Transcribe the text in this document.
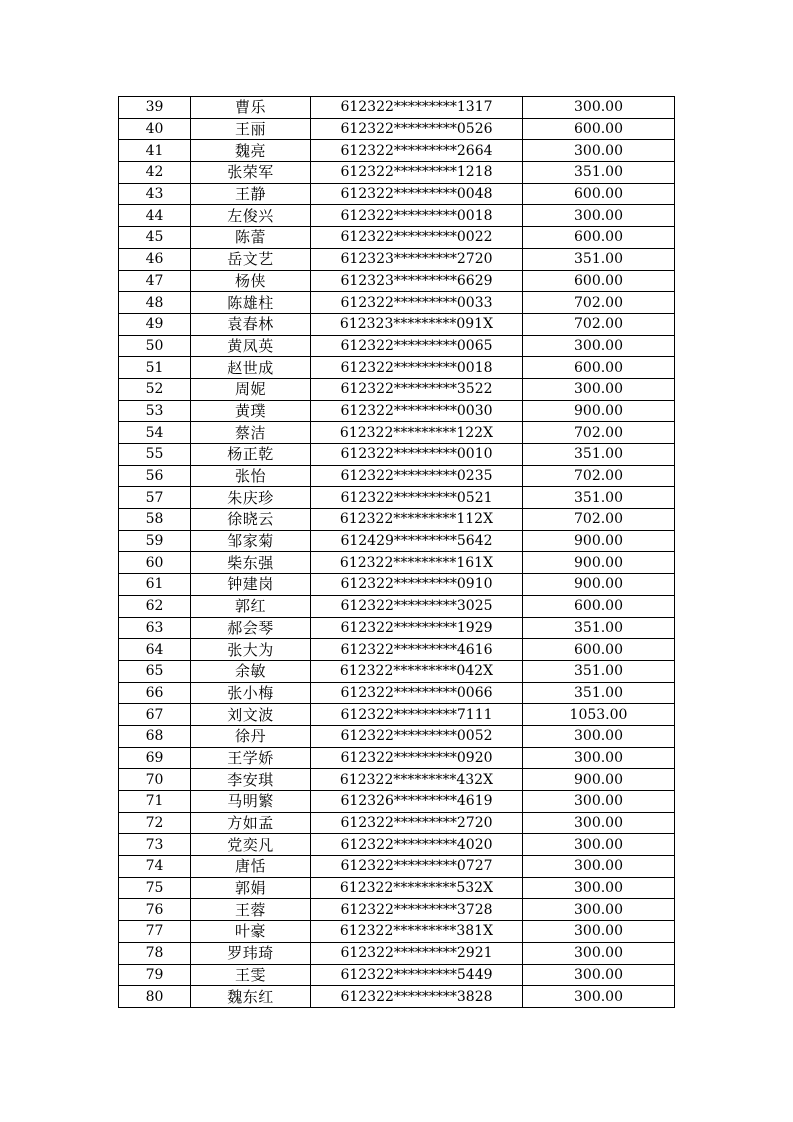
39	曹乐	612322*********1317	300.00
40	王丽	612322*********0526	600.00
41	魏亮	612322*********2664	300.00
42	张荣军	612322*********1218	351.00
43	王静	612322*********0048	600.00
44	左俊兴	612322*********0018	300.00
45	陈蕾	612322*********0022	600.00
46	岳文艺	612323*********2720	351.00
47	杨侠	612323*********6629	600.00
48	陈雄柱	612322*********0033	702.00
49	袁春林	612323*********091X	702.00
50	黄凤英	612322*********0065	300.00
51	赵世成	612322*********0018	600.00
52	周妮	612322*********3522	300.00
53	黄璞	612322*********0030	900.00
54	蔡洁	612322*********122X	702.00
55	杨正乾	612322*********0010	351.00
56	张怡	612322*********0235	702.00
57	朱庆珍	612322*********0521	351.00
58	徐晓云	612322*********112X	702.00
59	邹家菊	612429*********5642	900.00
60	柴东强	612322*********161X	900.00
61	钟建岗	612322*********0910	900.00
62	郭红	612322*********3025	600.00
63	郝会琴	612322*********1929	351.00
64	张大为	612322*********4616	600.00
65	余敏	612322*********042X	351.00
66	张小梅	612322*********0066	351.00
67	刘文波	612322*********7111	1053.00
68	徐丹	612322*********0052	300.00
69	王学娇	612322*********0920	300.00
70	李安琪	612322*********432X	900.00
71	马明繁	612326*********4619	300.00
72	方如孟	612322*********2720	300.00
73	党奕凡	612322*********4020	300.00
74	唐恬	612322*********0727	300.00
75	郭娟	612322*********532X	300.00
76	王蓉	612322*********3728	300.00
77	叶豪	612322*********381X	300.00
78	罗玮琦	612322*********2921	300.00
79	王雯	612322*********5449	300.00
80	魏东红	612322*********3828	300.00
